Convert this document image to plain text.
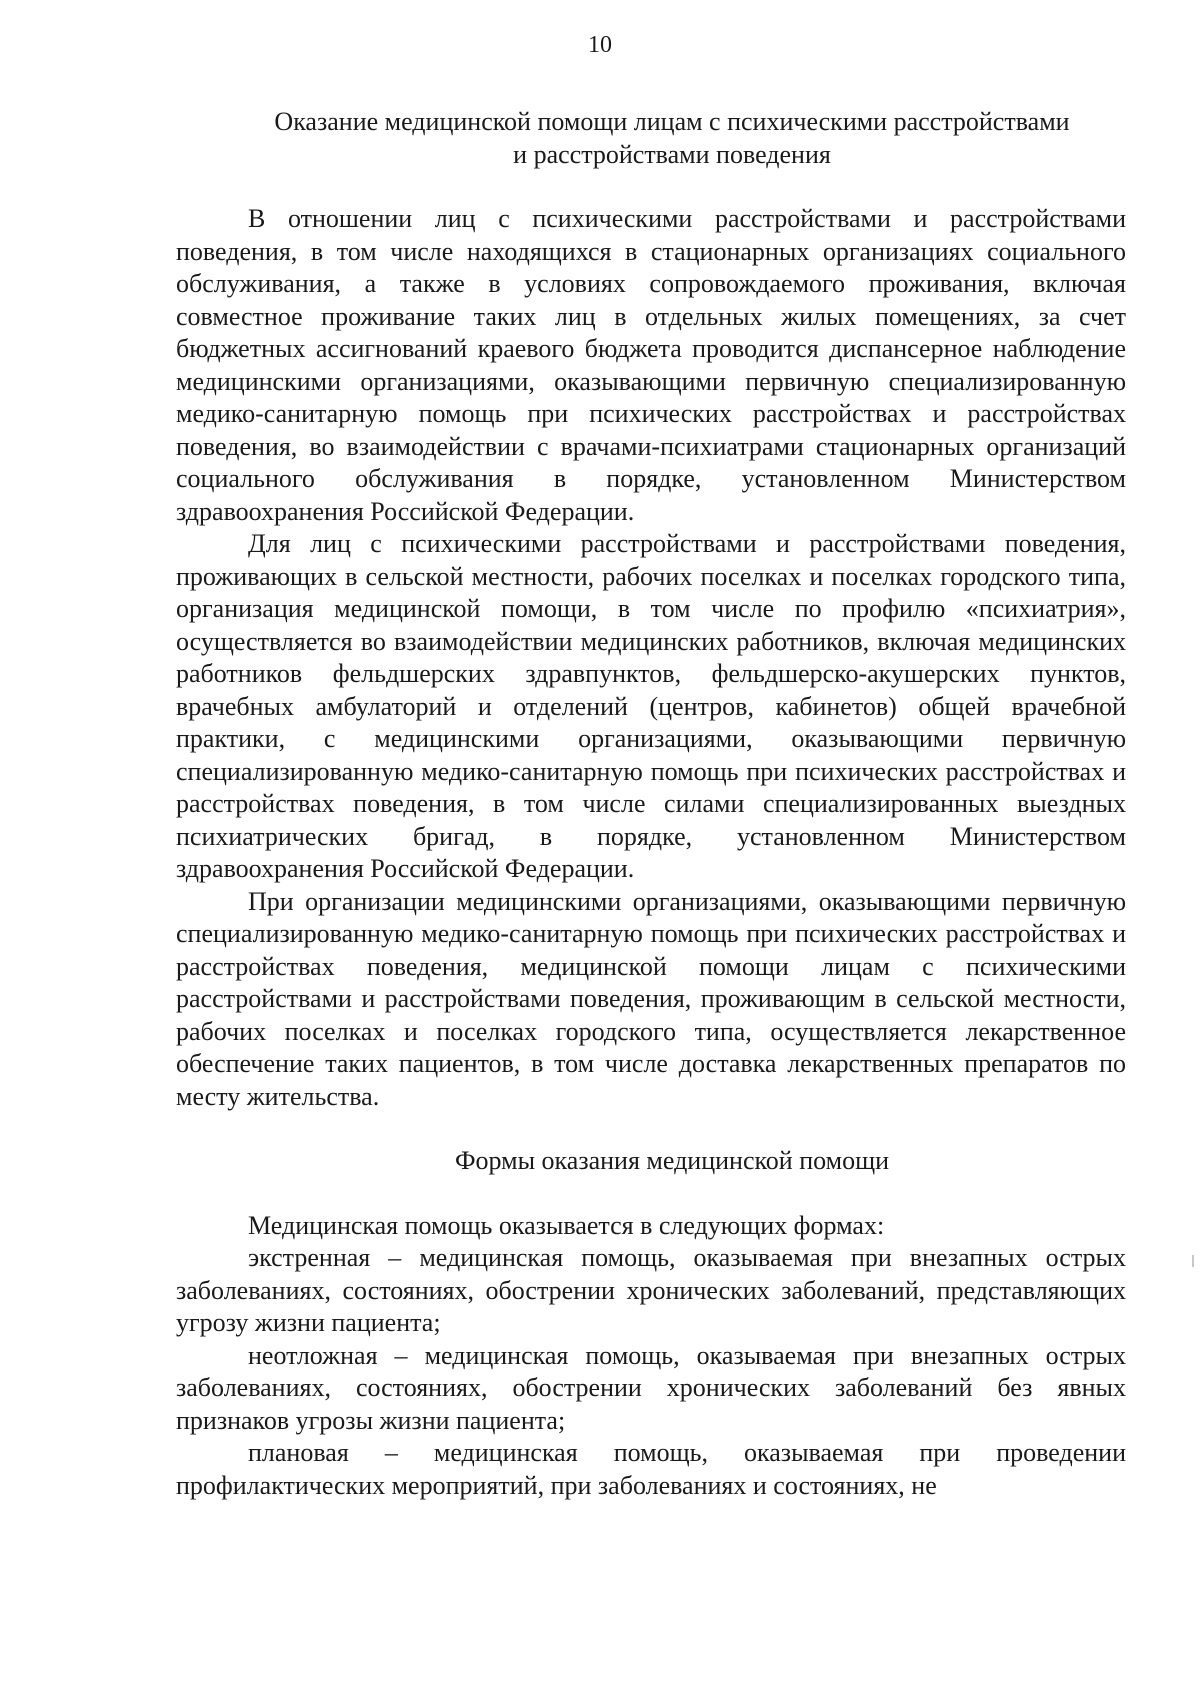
10
Оказание медицинской помощи лицам с психическими расстройствами
и расстройствами поведения

В отношении лиц с психическими расстройствами и расстройствами поведения, в том числе находящихся в стационарных организациях социального обслуживания, а также в условиях сопровождаемого проживания, включая совместное проживание таких лиц в отдельных жилых помещениях, за счет бюджетных ассигнований краевого бюджета проводится диспансерное наблюдение медицинскими организациями, оказывающими первичную специализированную медико-санитарную помощь при психических расстройствах и расстройствах поведения, во взаимодействии с врачами-психиатрами стационарных организаций социального обслуживания в порядке, установленном Министерством здравоохранения Российской Федерации.

Для лиц с психическими расстройствами и расстройствами поведения, проживающих в сельской местности, рабочих поселках и поселках городского типа, организация медицинской помощи, в том числе по профилю «психиатрия», осуществляется во взаимодействии медицинских работников, включая медицинских работников фельдшерских здравпунктов, фельдшерско-акушерских пунктов, врачебных амбулаторий и отделений (центров, кабинетов) общей врачебной практики, с медицинскими организациями, оказывающими первичную специализированную медико-санитарную помощь при психических расстройствах и расстройствах поведения, в том числе силами специализированных выездных психиатрических бригад, в порядке, установленном Министерством здравоохранения Российской Федерации.

При организации медицинскими организациями, оказывающими первичную специализированную медико-санитарную помощь при психических расстройствах и расстройствах поведения, медицинской помощи лицам с психическими расстройствами и расстройствами поведения, проживающим в сельской местности, рабочих поселках и поселках городского типа, осуществляется лекарственное обеспечение таких пациентов, в том числе доставка лекарственных препаратов по месту жительства.

Формы оказания медицинской помощи

Медицинская помощь оказывается в следующих формах:

экстренная – медицинская помощь, оказываемая при внезапных острых заболеваниях, состояниях, обострении хронических заболеваний, представляющих угрозу жизни пациента;

неотложная – медицинская помощь, оказываемая при внезапных острых заболеваниях, состояниях, обострении хронических заболеваний без явных признаков угрозы жизни пациента;

плановая – медицинская помощь, оказываемая при проведении профилактических мероприятий, при заболеваниях и состояниях, не
